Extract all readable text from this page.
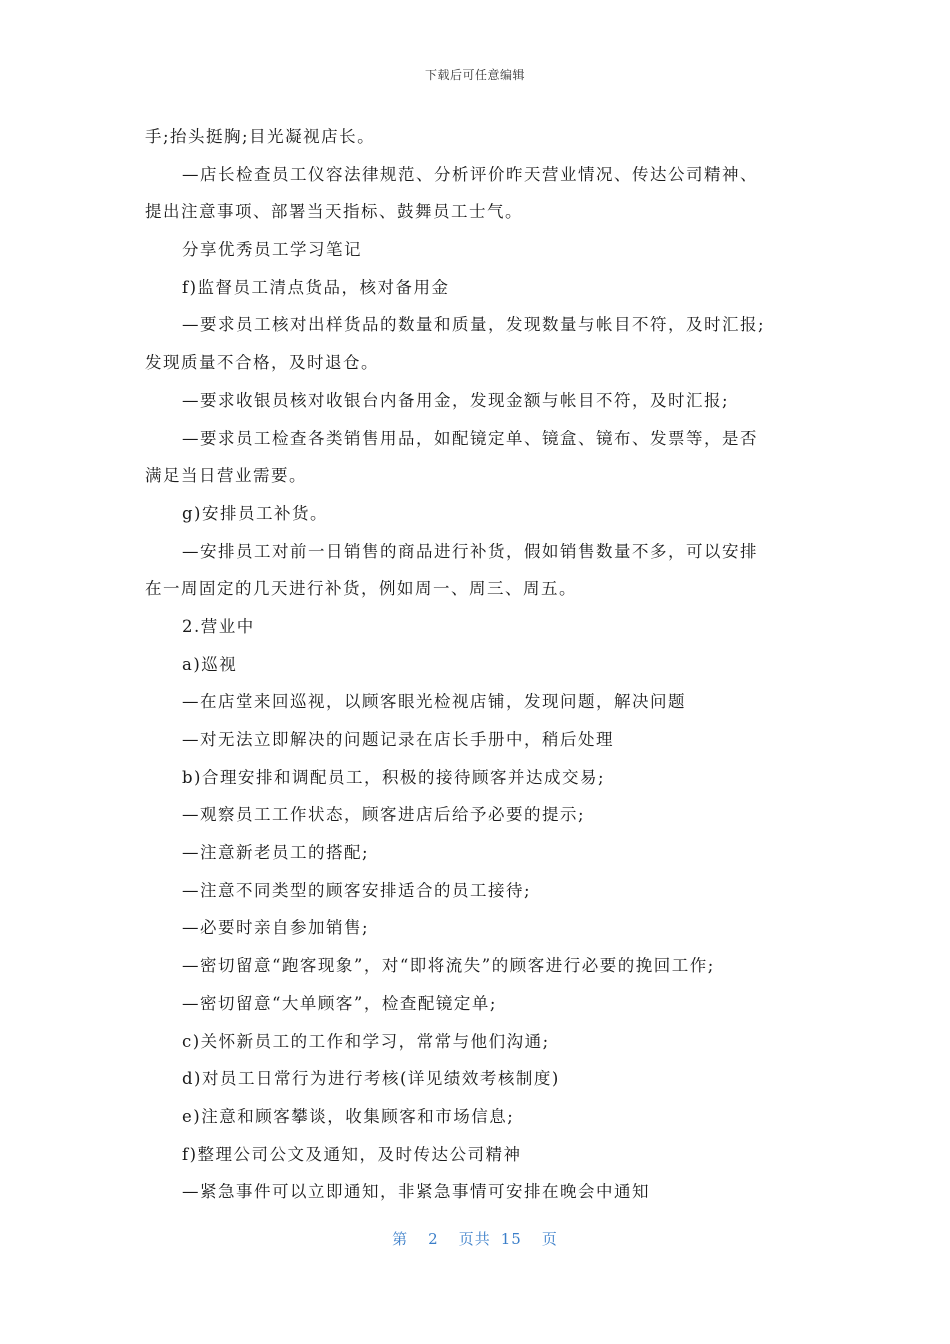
下载后可任意编辑
手;抬头挺胸;目光凝视店长。
—店长检查员工仪容法律规范、分析评价昨天营业情况、传达公司精神、
提出注意事项、部署当天指标、鼓舞员工士气。
分享优秀员工学习笔记
f)监督员工清点货品，核对备用金
—要求员工核对出样货品的数量和质量，发现数量与帐目不符，及时汇报;
发现质量不合格，及时退仓。
—要求收银员核对收银台内备用金，发现金额与帐目不符，及时汇报;
—要求员工检查各类销售用品，如配镜定单、镜盒、镜布、发票等，是否
满足当日营业需要。
g)安排员工补货。
—安排员工对前一日销售的商品进行补货，假如销售数量不多，可以安排
在一周固定的几天进行补货，例如周一、周三、周五。
2.营业中
a)巡视
—在店堂来回巡视，以顾客眼光检视店铺，发现问题，解决问题
—对无法立即解决的问题记录在店长手册中，稍后处理
b)合理安排和调配员工，积极的接待顾客并达成交易;
—观察员工工作状态，顾客进店后给予必要的提示;
—注意新老员工的搭配;
—注意不同类型的顾客安排适合的员工接待;
—必要时亲自参加销售;
—密切留意“跑客现象”，对“即将流失”的顾客进行必要的挽回工作;
—密切留意“大单顾客”，检查配镜定单;
c)关怀新员工的工作和学习，常常与他们沟通;
d)对员工日常行为进行考核(详见绩效考核制度)
e)注意和顾客攀谈，收集顾客和市场信息;
f)整理公司公文及通知，及时传达公司精神
—紧急事件可以立即通知，非紧急事情可安排在晚会中通知
第 2 页共 15 页
